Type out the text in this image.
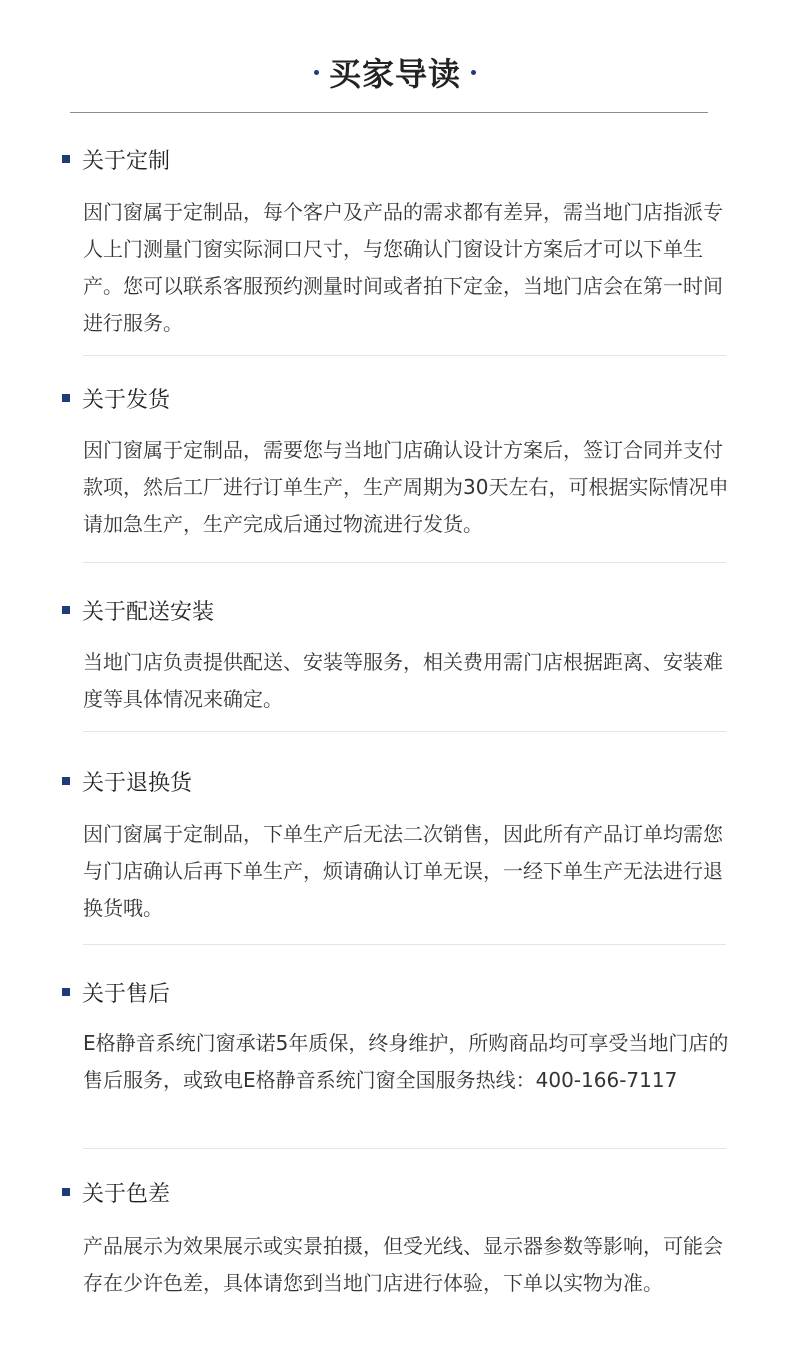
买家导读
关于定制

因门窗属于定制品，每个客户及产品的需求都有差异，需当地门店指派专人上门测量门窗实际洞口尺寸，与您确认门窗设计方案后才可以下单生产。您可以联系客服预约测量时间或者拍下定金，当地门店会在第一时间进行服务。

关于发货

因门窗属于定制品，需要您与当地门店确认设计方案后，签订合同并支付款项，然后工厂进行订单生产，生产周期为30天左右，可根据实际情况申请加急生产，生产完成后通过物流进行发货。

关于配送安装

当地门店负责提供配送、安装等服务，相关费用需门店根据距离、安装难度等具体情况来确定。

关于退换货

因门窗属于定制品，下单生产后无法二次销售，因此所有产品订单均需您与门店确认后再下单生产，烦请确认订单无误，一经下单生产无法进行退换货哦。

关于售后

E格静音系统门窗承诺5年质保，终身维护，所购商品均可享受当地门店的售后服务，或致电E格静音系统门窗全国服务热线：400-166-7117

关于色差

产品展示为效果展示或实景拍摄，但受光线、显示器参数等影响，可能会存在少许色差，具体请您到当地门店进行体验，下单以实物为准。
